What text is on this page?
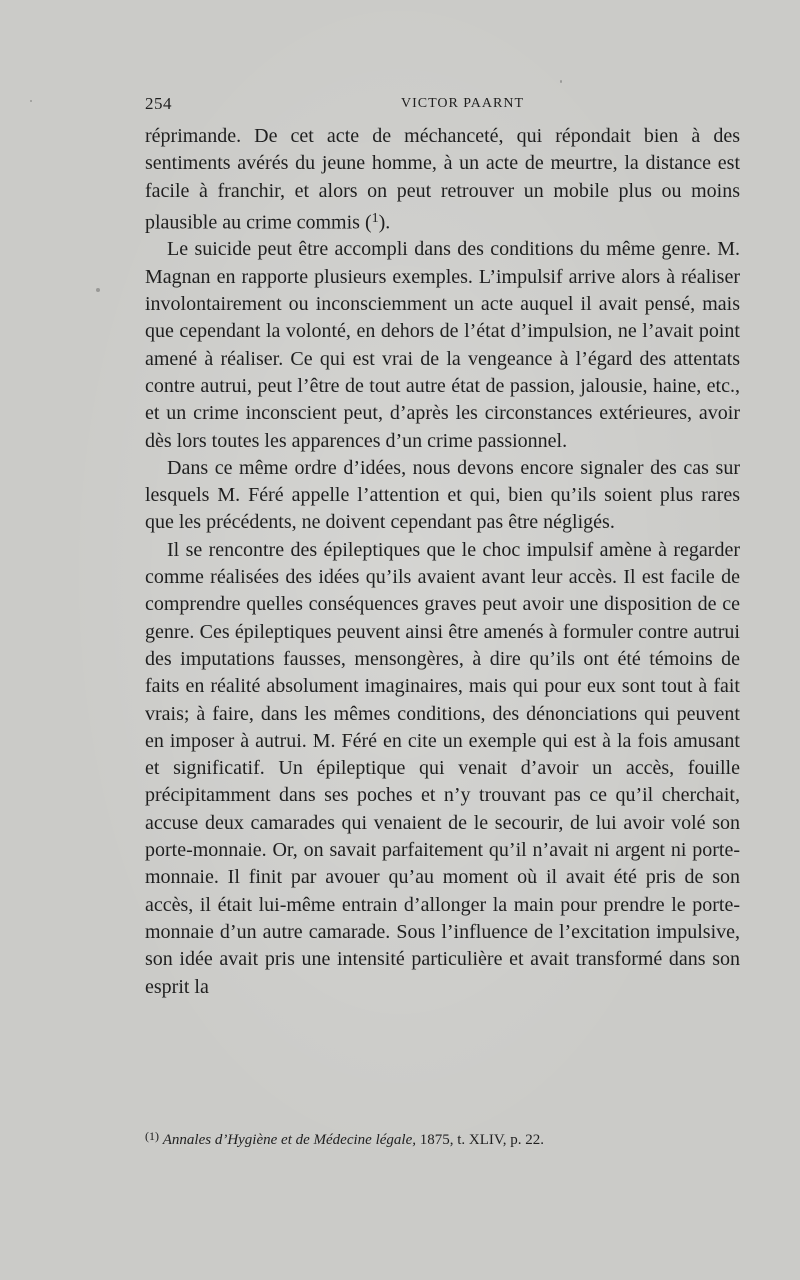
254	VICTOR PAARNT

réprimande. De cet acte de méchanceté, qui répondait bien à des sentiments avérés du jeune homme, à un acte de meurtre, la distance est facile à franchir, et alors on peut retrouver un mobile plus ou moins plausible au crime commis ($^1$).

Le suicide peut être accompli dans des conditions du même genre. M. Magnan en rapporte plusieurs exemples. L’impulsif arrive alors à réaliser involontairement ou inconsciemment un acte auquel il avait pensé, mais que cependant la volonté, en dehors de l’état d’impulsion, ne l’avait point amené à réaliser. Ce qui est vrai de la vengeance à l’égard des attentats contre autrui, peut l’être de tout autre état de passion, jalousie, haine, etc., et un crime inconscient peut, d’après les circonstances extérieures, avoir dès lors toutes les apparences d’un crime passionnel.

Dans ce même ordre d’idées, nous devons encore signaler des cas sur lesquels M. Féré appelle l’attention et qui, bien qu’ils soient plus rares que les précédents, ne doivent cependant pas être négligés.

Il se rencontre des épileptiques que le choc impulsif amène à regarder comme réalisées des idées qu’ils avaient avant leur accès. Il est facile de comprendre quelles conséquences graves peut avoir une disposition de ce genre. Ces épileptiques peuvent ainsi être amenés à formuler contre autrui des imputations fausses, mensongères, à dire qu’ils ont été témoins de faits en réalité absolument imaginaires, mais qui pour eux sont tout à fait vrais; à faire, dans les mêmes conditions, des dénonciations qui peuvent en imposer à autrui. M. Féré en cite un exemple qui est à la fois amusant et significatif. Un épileptique qui venait d’avoir un accès, fouille précipitamment dans ses poches et n’y trouvant pas ce qu’il cherchait, accuse deux camarades qui venaient de le secourir, de lui avoir volé son porte-monnaie. Or, on savait parfaitement qu’il n’avait ni argent ni porte-monnaie. Il finit par avouer qu’au moment où il avait été pris de son accès, il était lui-même entrain d’allonger la main pour prendre le porte-monnaie d’un autre camarade. Sous l’influence de l’excitation impulsive, son idée avait pris une intensité particulière et avait transformé dans son esprit la

$^{(1)}$ Annales d’Hygiène et de Médecine légale, 1875, t. XLIV, p. 22.
